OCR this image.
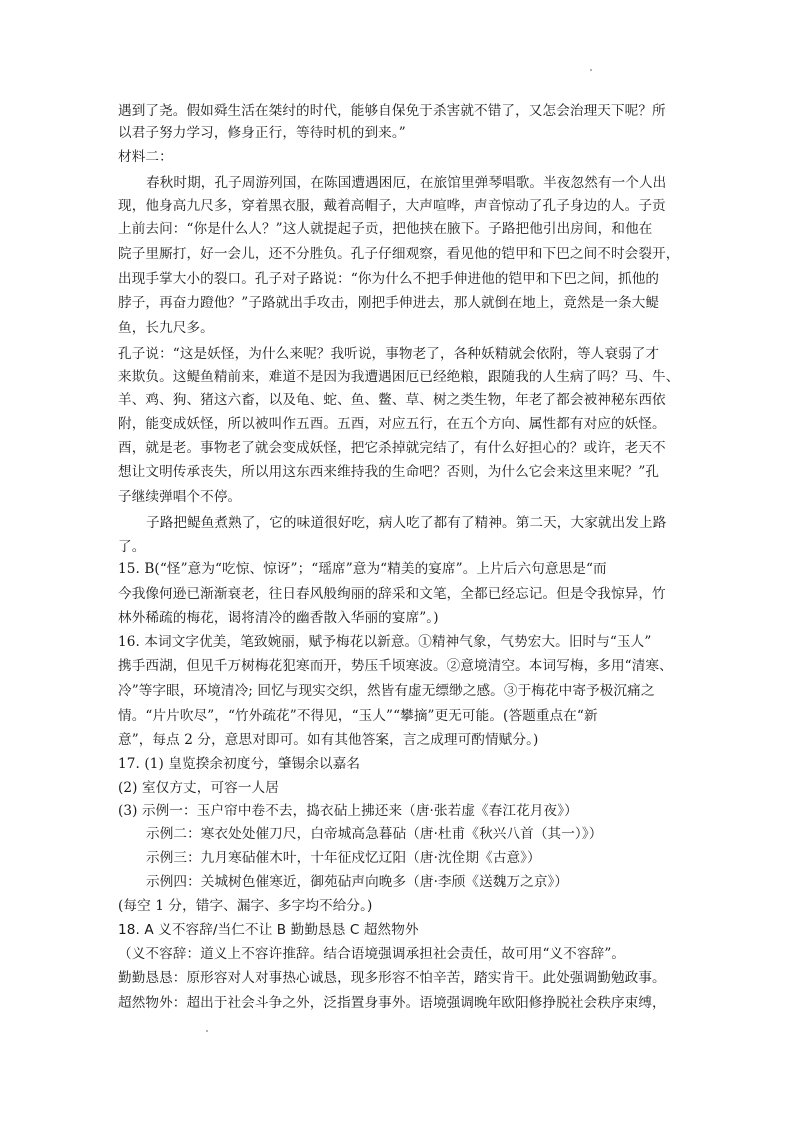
遇到了尧。假如舜生活在桀纣的时代，能够自保免于杀害就不错了，又怎会治理天下呢？所
以君子努力学习，修身正行，等待时机的到来。”
材料二：
春秋时期，孔子周游列国，在陈国遭遇困厄，在旅馆里弹琴唱歌。半夜忽然有一个人出
现，他身高九尺多，穿着黑衣服，戴着高帽子，大声喧哗，声音惊动了孔子身边的人。子贡
上前去问：“你是什么人？”这人就提起子贡，把他挟在腋下。子路把他引出房间，和他在
院子里厮打，好一会儿，还不分胜负。孔子仔细观察，看见他的铠甲和下巴之间不时会裂开，
出现手掌大小的裂口。孔子对子路说：“你为什么不把手伸进他的铠甲和下巴之间，抓他的
脖子，再奋力蹬他？”子路就出手攻击，刚把手伸进去，那人就倒在地上，竟然是一条大鳀
鱼，长九尺多。
孔子说：“这是妖怪，为什么来呢？我听说，事物老了，各种妖精就会依附，等人衰弱了才
来欺负。这鳀鱼精前来，难道不是因为我遭遇困厄已经绝粮，跟随我的人生病了吗？马、牛、
羊、鸡、狗、猪这六畜，以及龟、蛇、鱼、鳖、草、树之类生物，年老了都会被神秘东西依
附，能变成妖怪，所以被叫作五酉。五酉，对应五行，在五个方向、属性都有对应的妖怪。
酉，就是老。事物老了就会变成妖怪，把它杀掉就完结了，有什么好担心的？或许，老天不
想让文明传承丧失，所以用这东西来维持我的生命吧？否则，为什么它会来这里来呢？”孔
子继续弹唱个不停。
子路把鳀鱼煮熟了，它的味道很好吃，病人吃了都有了精神。第二天，大家就出发上路
了。
15. B(“怪”意为“吃惊、惊讶”；“瑶席”意为“精美的宴席”。上片后六句意思是“而
今我像何逊已渐渐衰老，往日春风般绚丽的辞采和文笔，全都已经忘记。但是令我惊异，竹
林外稀疏的梅花，谒将清冷的幽香散入华丽的宴席”。)
16. 本词文字优美，笔致婉丽，赋予梅花以新意。①精神气象，气势宏大。旧时与“玉人”
携手西湖，但见千万树梅花犯寒而开，势压千顷寒波。②意境清空。本词写梅，多用“清寒、
冷”等字眼，环境清冷; 回忆与现实交织，然皆有虚无缥缈之感。③于梅花中寄予极沉痛之
情。“片片吹尽”，“竹外疏花”不得见，“玉人”“攀摘”更无可能。(答题重点在“新
意”，每点 2 分，意思对即可。如有其他答案，言之成理可酌情赋分。)
17. (1) 皇览揆余初度兮，肇锡余以嘉名
(2) 室仅方丈，可容一人居
(3) 示例一：玉户帘中卷不去，捣衣砧上拂还来（唐·张若虚《春江花月夜》）
示例二：寒衣处处催刀尺，白帝城高急暮砧（唐·杜甫《秋兴八首（其一）》）
示例三：九月寒砧催木叶，十年征戍忆辽阳（唐·沈佺期《古意》）
示例四：关城树色催寒近，御苑砧声向晚多（唐·李颀《送魏万之京》）
(每空 1 分，错字、漏字、多字均不给分。)
18. A 义不容辞/当仁不让 B 勤勤恳恳 C 超然物外
（义不容辞：道义上不容许推辞。结合语境强调承担社会责任，故可用“义不容辞”。
勤勤恳恳：原形容对人对事热心诚恳，现多形容不怕辛苦，踏实肯干。此处强调勤勉政事。
超然物外：超出于社会斗争之外，泛指置身事外。语境强调晚年欧阳修挣脱社会秩序束缚，
